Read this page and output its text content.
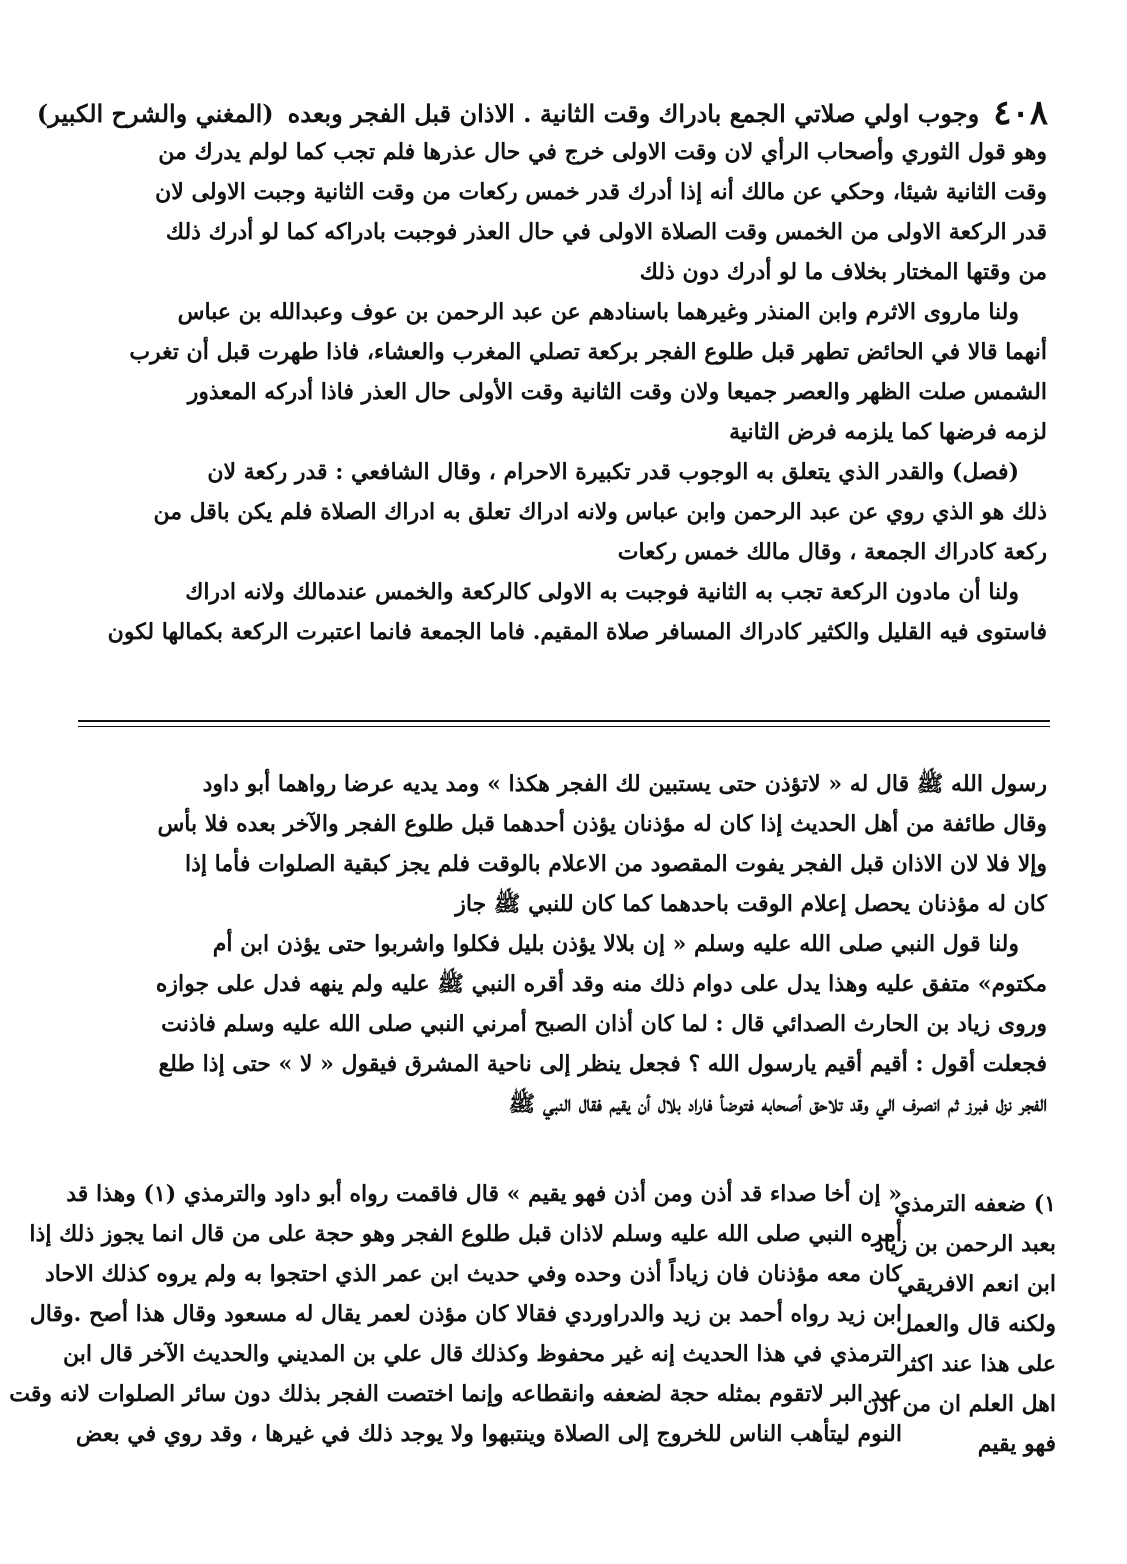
٤٠٨
وجوب اولي صلاتي الجمع بادراك وقت الثانية . الاذان قبل الفجر وبعده
(المغني والشرح الكبير)
وهو قول الثوري وأصحاب الرأي لان وقت الاولى خرج في حال عذرها فلم تجب كما لولم يدرك من
وقت الثانية شيئا، وحكي عن مالك أنه إذا أدرك قدر خمس ركعات من وقت الثانية وجبت الاولى لان
قدر الركعة الاولى من الخمس وقت الصلاة الاولى في حال العذر فوجبت بادراكه كما لو أدرك ذلك
من وقتها المختار بخلاف ما لو أدرك دون ذلك
ولنا ماروى الاثرم وابن المنذر وغيرهما باسنادهم عن عبد الرحمن بن عوف وعبدالله بن عباس
أنهما قالا في الحائض تطهر قبل طلوع الفجر بركعة تصلي المغرب والعشاء، فاذا طهرت قبل أن تغرب
الشمس صلت الظهر والعصر جميعا ولان وقت الثانية وقت الأولى حال العذر فاذا أدركه المعذور
لزمه فرضها كما يلزمه فرض الثانية
(فصل) والقدر الذي يتعلق به الوجوب قدر تكبيرة الاحرام ، وقال الشافعي : قدر ركعة لان
ذلك هو الذي روي عن عبد الرحمن وابن عباس ولانه ادراك تعلق به ادراك الصلاة فلم يكن باقل من
ركعة كادراك الجمعة ، وقال مالك خمس ركعات
ولنا أن مادون الركعة تجب به الثانية فوجبت به الاولى كالركعة والخمس عندمالك ولانه ادراك
فاستوى فيه القليل والكثير كادراك المسافر صلاة المقيم. فاما الجمعة فانما اعتبرت الركعة بكمالها لكون
رسول الله ﷺ قال له « لاتؤذن حتى يستبين لك الفجر هكذا » ومد يديه عرضا رواهما أبو داود
وقال طائفة من أهل الحديث إذا كان له مؤذنان يؤذن أحدهما قبل طلوع الفجر والآخر بعده فلا بأس
وإلا فلا لان الاذان قبل الفجر يفوت المقصود من الاعلام بالوقت فلم يجز كبقية الصلوات فأما إذا
كان له مؤذنان يحصل إعلام الوقت باحدهما كما كان للنبي ﷺ جاز
ولنا قول النبي صلى الله عليه وسلم « إن بلالا يؤذن بليل فكلوا واشربوا حتى يؤذن ابن أم
مكتوم» متفق عليه وهذا يدل على دوام ذلك منه وقد أقره النبي ﷺ عليه ولم ينهه فدل على جوازه
وروى زياد بن الحارث الصدائي قال : لما كان أذان الصبح أمرني النبي صلى الله عليه وسلم فاذنت
فجعلت أقول : أقيم أقيم يارسول الله ؟ فجعل ينظر إلى ناحية المشرق فيقول « لا » حتى إذا طلع
الفجر نزل فبرز ثم انصرف الي وقد تلاحق أصحابه فتوضأ فاراد بلال أن يقيم فقال النبي ﷺ
« إن أخا صداء قد أذن ومن أذن فهو يقيم » قال فاقمت رواه أبو داود والترمذي (١) وهذا قد
أمره النبي صلى الله عليه وسلم لاذان قبل طلوع الفجر وهو حجة على من قال انما يجوز ذلك إذا
كان معه مؤذنان فان زياداً أذن وحده وفي حديث ابن عمر الذي احتجوا به ولم يروه كذلك الاحاد
ابن زيد رواه أحمد بن زيد والدراوردي فقالا كان مؤذن لعمر يقال له مسعود وقال هذا أصح .وقال
الترمذي في هذا الحديث إنه غير محفوظ وكذلك قال علي بن المديني والحديث الآخر قال ابن
عبد البر لاتقوم بمثله حجة لضعفه وانقطاعه وإنما اختصت الفجر بذلك دون سائر الصلوات لانه وقت
النوم ليتأهب الناس للخروج إلى الصلاة وينتبهوا ولا يوجد ذلك في غيرها ، وقد روي في بعض
١) ضعفه الترمذي
بعبد الرحمن بن زياد
ابن انعم الافريقي
ولكنه قال والعمل
على هذا عند اكثر
اهل العلم ان من اذن
فهو يقيم
